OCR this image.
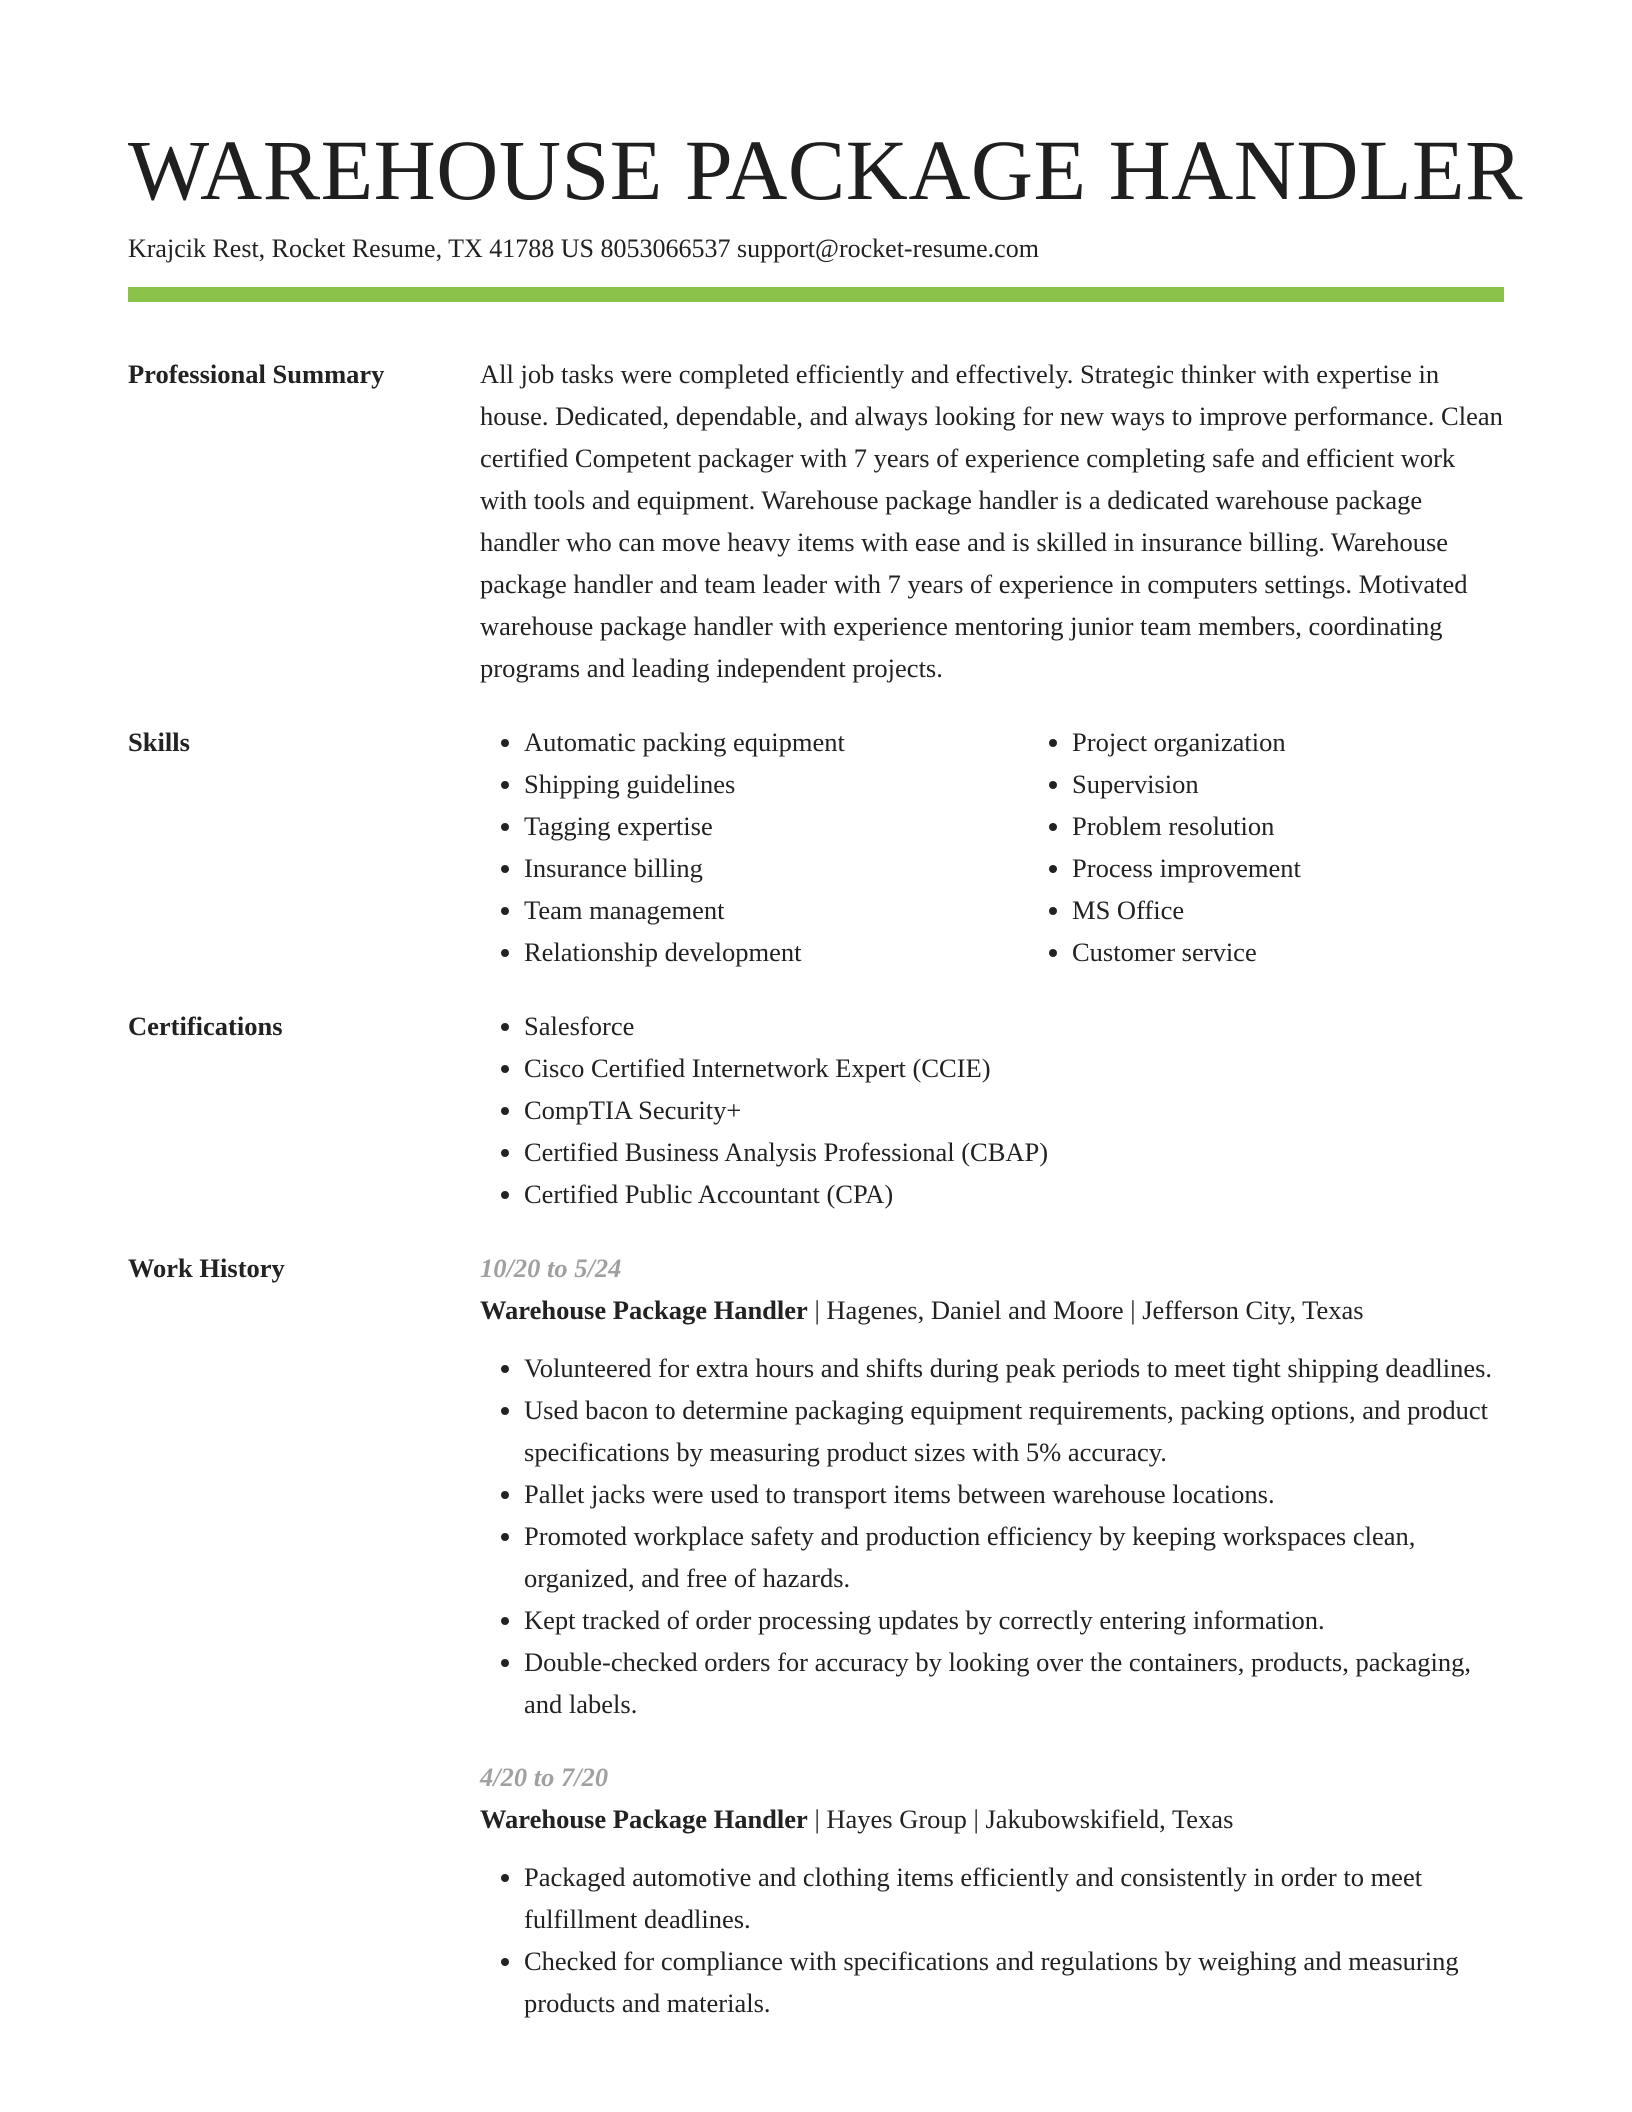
WAREHOUSE PACKAGE HANDLER
Krajcik Rest, Rocket Resume, TX 41788 US 8053066537 support@rocket-resume.com
Professional Summary	All job tasks were completed efficiently and effectively. Strategic thinker with expertise in house. Dedicated, dependable, and always looking for new ways to improve performance. Clean certified Competent packager with 7 years of experience completing safe and efficient work with tools and equipment. Warehouse package handler is a dedicated warehouse package handler who can move heavy items with ease and is skilled in insurance billing. Warehouse package handler and team leader with 7 years of experience in computers settings. Motivated warehouse package handler with experience mentoring junior team members, coordinating programs and leading independent projects.
Skills	• Automatic packing equipment
• Shipping guidelines
• Tagging expertise
• Insurance billing
• Team management
• Relationship development
• Project organization
• Supervision
• Problem resolution
• Process improvement
• MS Office
• Customer service
Certifications	• Salesforce
• Cisco Certified Internetwork Expert (CCIE)
• CompTIA Security+
• Certified Business Analysis Professional (CBAP)
• Certified Public Accountant (CPA)
Work History	10/20 to 5/24
Warehouse Package Handler | Hagenes, Daniel and Moore | Jefferson City, Texas
• Volunteered for extra hours and shifts during peak periods to meet tight shipping deadlines.
• Used bacon to determine packaging equipment requirements, packing options, and product specifications by measuring product sizes with 5% accuracy.
• Pallet jacks were used to transport items between warehouse locations.
• Promoted workplace safety and production efficiency by keeping workspaces clean, organized, and free of hazards.
• Kept tracked of order processing updates by correctly entering information.
• Double-checked orders for accuracy by looking over the containers, products, packaging, and labels.
4/20 to 7/20
Warehouse Package Handler | Hayes Group | Jakubowskifield, Texas
• Packaged automotive and clothing items efficiently and consistently in order to meet fulfillment deadlines.
• Checked for compliance with specifications and regulations by weighing and measuring products and materials.
